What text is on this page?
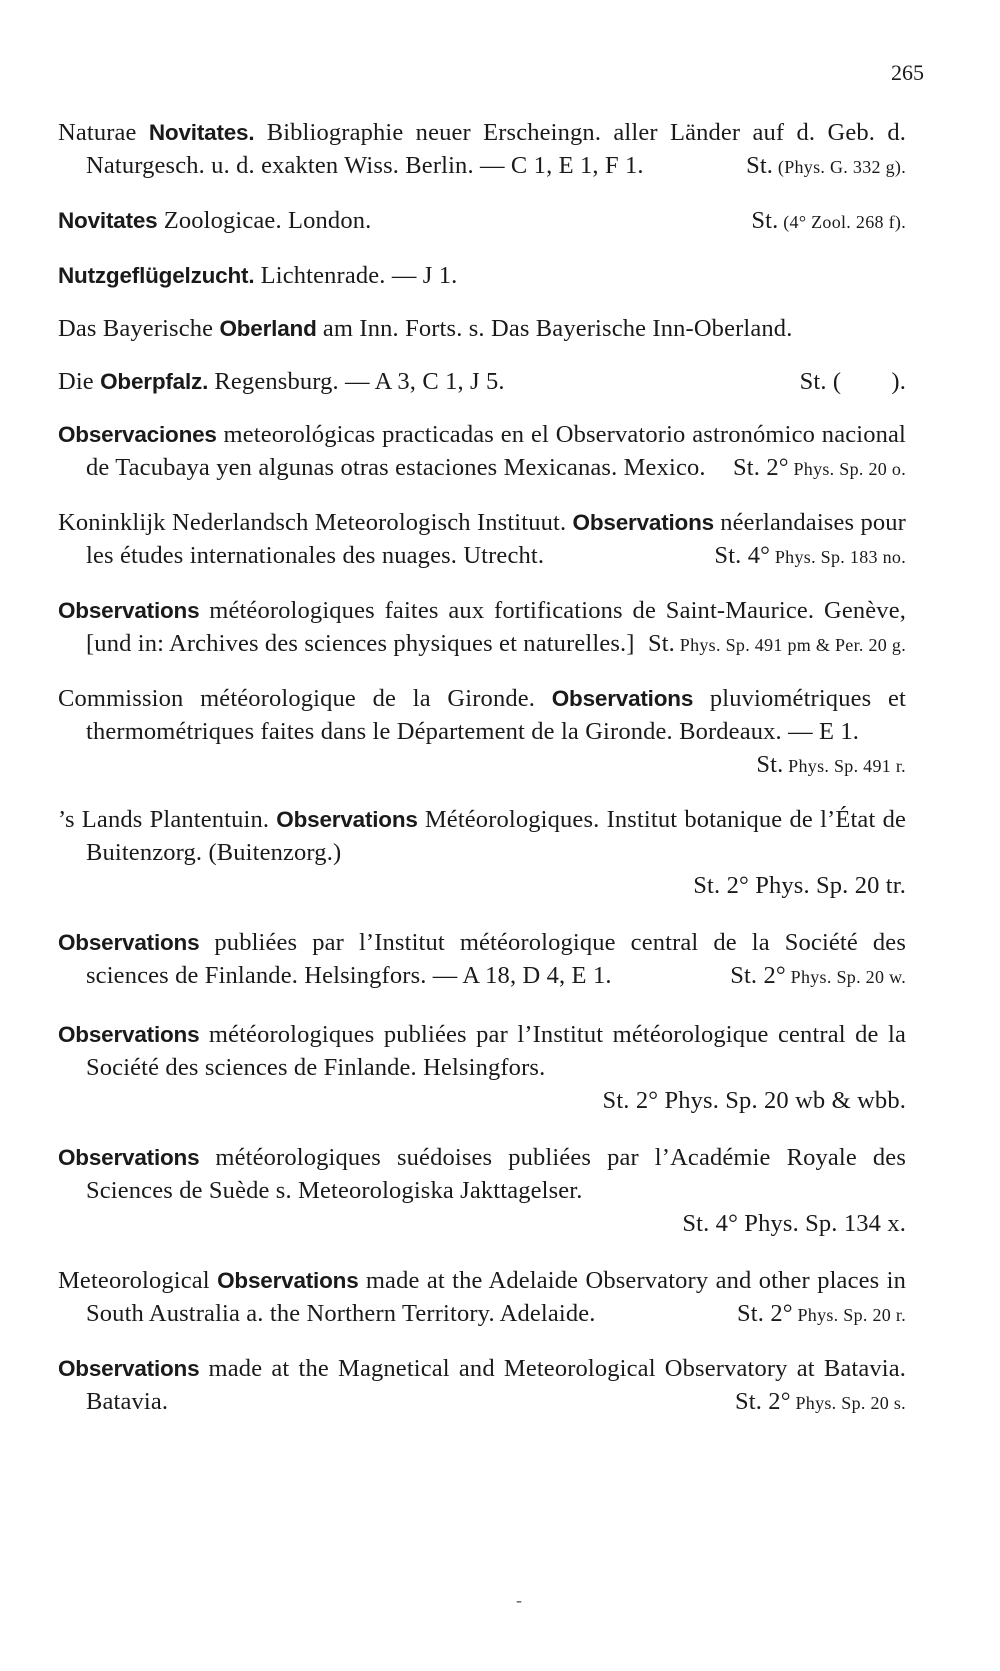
265

Naturae Novitates. Bibliographie neuer Erscheingn. aller Länder auf d. Geb. d. Naturgesch. u. d. exakten Wiss. Berlin. — C 1, E 1, F 1.	St. (Phys. G. 332 g).

Novitates Zoologicae. London.	St. (4° Zool. 268 f).

Nutzgeflügelzucht. Lichtenrade. — J 1.

Das Bayerische Oberland am Inn. Forts. s. Das Bayerische Inn-Oberland.

Die Oberpfalz. Regensburg. — A 3, C 1, J 5.	St. (        ).

Observaciones meteorológicas practicadas en el Observatorio astronómico nacional de Tacubaya yen algunas otras estaciones Mexicanas. Mexico. St. 2° Phys. Sp. 20 o.

Koninklijk Nederlandsch Meteorologisch Instituut. Observations néerlandaises pour les études internationales des nuages. Utrecht.	St. 4° Phys. Sp. 183 no.

Observations météorologiques faites aux fortifications de Saint-Maurice. Genève, [und in: Archives des sciences physiques et naturelles.] St. Phys. Sp. 491 pm & Per. 20 g.

Commission météorologique de la Gironde. Observations pluviométriques et thermométriques faites dans le Département de la Gironde. Bordeaux. — E 1.
St. Phys. Sp. 491 r.

’s Lands Plantentuin. Observations Météorologiques. Institut botanique de l’État de Buitenzorg. (Buitenzorg.)
St. 2° Phys. Sp. 20 tr.

Observations publiées par l’Institut météorologique central de la Société des sciences de Finlande. Helsingfors. — A 18, D 4, E 1.	St. 2° Phys. Sp. 20 w.

Observations météorologiques publiées par l’Institut météorologique central de la Société des sciences de Finlande. Helsingfors.
St. 2° Phys. Sp. 20 wb & wbb.

Observations météorologiques suédoises publiées par l’Académie Royale des Sciences de Suède s. Meteorologiska Jakttagelser.
St. 4° Phys. Sp. 134 x.

Meteorological Observations made at the Adelaide Observatory and other places in South Australia a. the Northern Territory. Adelaide.	St. 2° Phys. Sp. 20 r.

Observations made at the Magnetical and Meteorological Observatory at Batavia. Batavia.	St. 2° Phys. Sp. 20 s.

-
